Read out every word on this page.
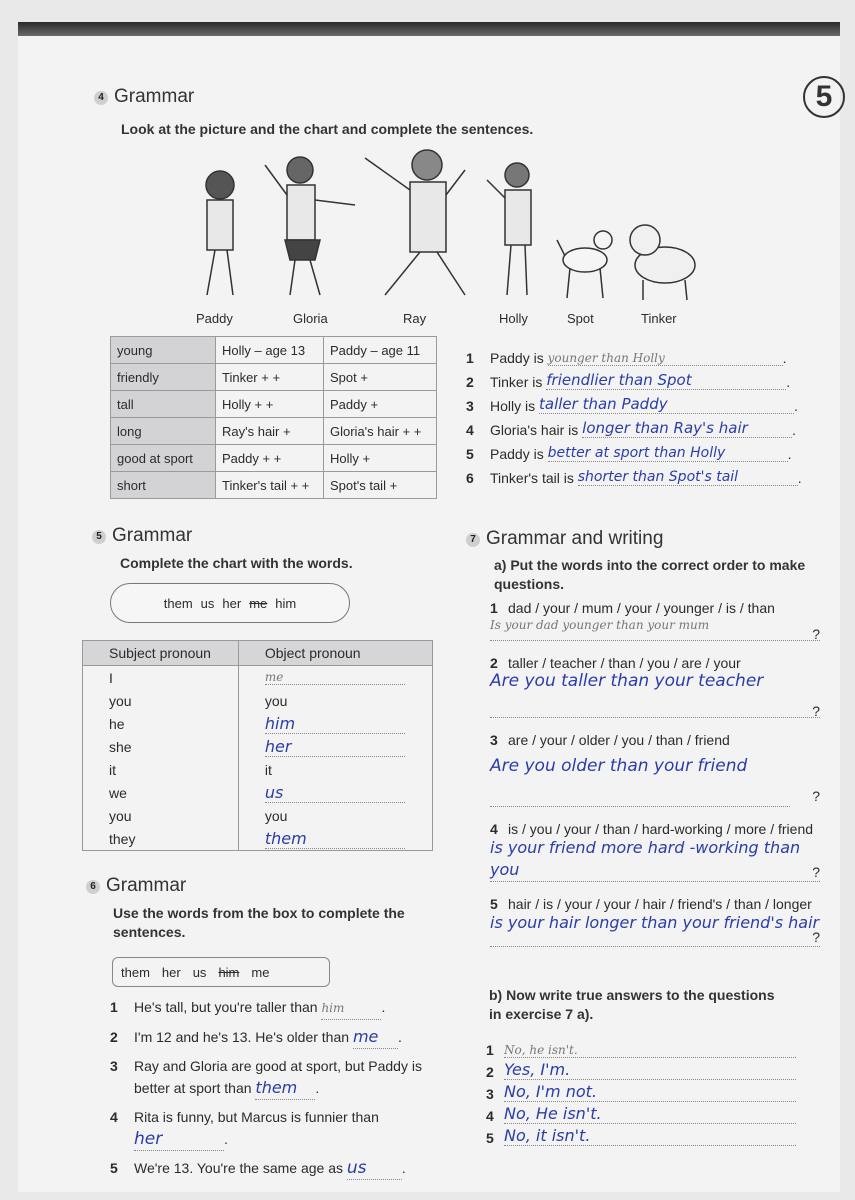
5
4 Grammar
Look at the picture and the chart and complete the sentences.
Paddy	Gloria	Ray	Holly	Spot	Tinker
young	Holly – age 13	Paddy – age 11
friendly	Tinker + +	Spot +
tall	Holly + +	Paddy +
long	Ray's hair +	Gloria's hair + +
good at sport	Paddy + +	Holly +
short	Tinker's tail + +	Spot's tail +
1	Paddy is
younger than Holly	.
2	Tinker is
friendlier than Spot	.
3	Holly is
taller than Paddy	.
4	Gloria's hair is
longer than Ray's hair	.
5	Paddy is
better at sport than Holly	.
6	Tinker's tail is
shorter than Spot's tail	.
5 Grammar
Complete the chart with the words.
them us her me him
Subject pronoun	Object pronoun
I	me

you	you
he	him

she	her

it	it
we	us

you	you
they	them
6 Grammar
Use the words from the box to complete the sentences.
them her us him me
1	He's tall, but you're taller than him	.
2	I'm 12 and he's 13. He's older than me .
3	Ray and Gloria are good at sport, but Paddy is better at sport than them .
4	Rita is funny, but Marcus is funnier than
her	.
5	We're 13. You're the same age as us	.
7 Grammar and writing
a) Put the words into the correct order to make questions.
1 dad / your / mum / your / younger / is / than
Is your dad younger than your mum
?
2 taller / teacher / than / you / are / your
Are you taller than your teacher
?
3 are / your / older / you / than / friend
Are you older than your friend
?
4 is / you / your / than / hard-working / more / friend
is your friend more hard -working than you	?
5 hair / is / your / your / hair / friend's / than / longer
is your hair longer than your friend's hair
?
b) Now write true answers to the questions in exercise 7 a).
1 No, he isn't.
2 Yes, I'm.
3 No, I'm not.
4 No, He isn't.
5 No, it isn't.
